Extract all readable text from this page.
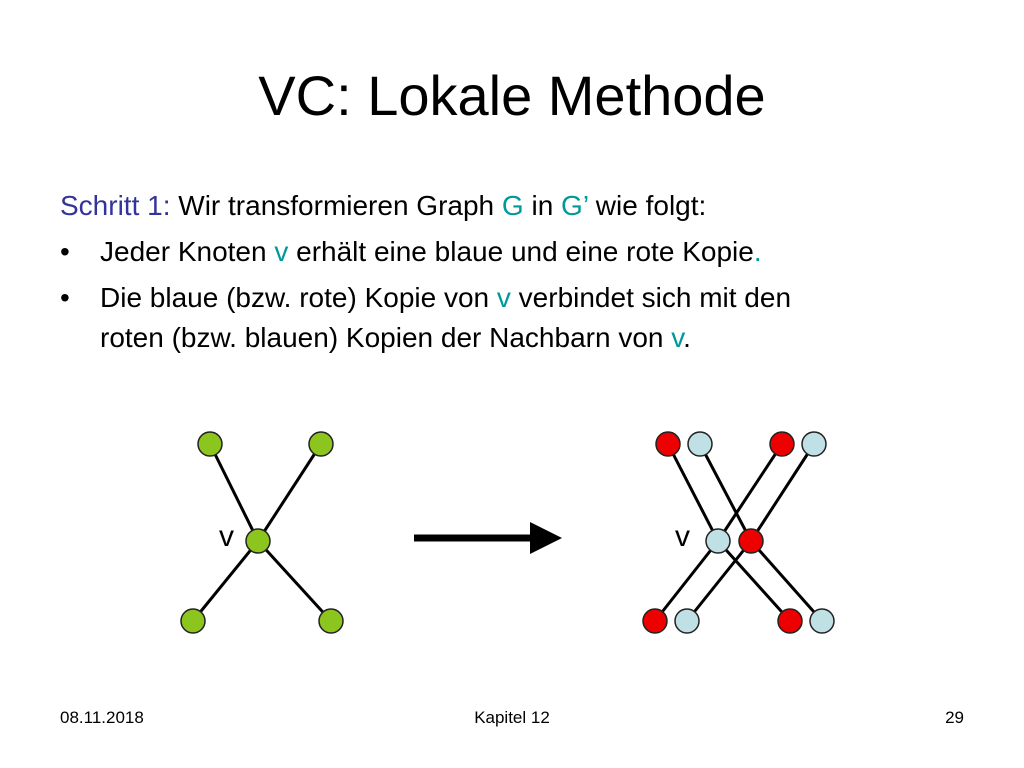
VC: Lokale Methode

Schritt 1: Wir transformieren Graph G in G’ wie folgt:

• Jeder Knoten v erhält eine blaue und eine rote Kopie.

• Die blaue (bzw. rote) Kopie von v verbindet sich mit den

roten (bzw. blauen) Kopien der Nachbarn von v.

v	v
08.11.2018	Kapitel 12	29
